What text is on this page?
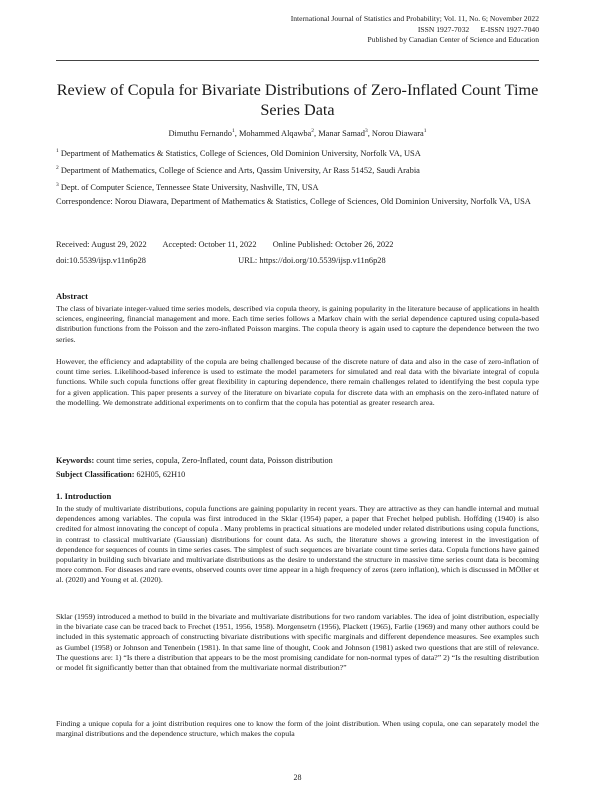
International Journal of Statistics and Probability; Vol. 11, No. 6; November 2022
ISSN 1927-7032      E-ISSN 1927-7040
Published by Canadian Center of Science and Education
Review of Copula for Bivariate Distributions of Zero-Inflated Count Time Series Data
Dimuthu Fernando$^1$, Mohammed Alqawba$^2$, Manar Samad$^3$, Norou Diawara$^1$
$^1$ Department of Mathematics & Statistics, College of Sciences, Old Dominion University, Norfolk VA, USA
$^2$ Department of Mathematics, College of Science and Arts, Qassim University, Ar Rass 51452, Saudi Arabia
$^3$ Dept. of Computer Science, Tennessee State University, Nashville, TN, USA
Correspondence: Norou Diawara, Department of Mathematics & Statistics, College of Sciences, Old Dominion University, Norfolk VA, USA
Received: August 29, 2022 Accepted: October 11, 2022 Online Published: October 26, 2022
doi:10.5539/ijsp.v11n6p28	URL: https://doi.org/10.5539/ijsp.v11n6p28
Abstract
The class of bivariate integer-valued time series models, described via copula theory, is gaining popularity in the literature because of applications in health sciences, engineering, financial management and more. Each time series follows a Markov chain with the serial dependence captured using copula-based distribution functions from the Poisson and the zero-inflated Poisson margins. The copula theory is again used to capture the dependence between the two series.
However, the efficiency and adaptability of the copula are being challenged because of the discrete nature of data and also in the case of zero-inflation of count time series. Likelihood-based inference is used to estimate the model parameters for simulated and real data with the bivariate integral of copula functions. While such copula functions offer great flexibility in capturing dependence, there remain challenges related to identifying the best copula type for a given application. This paper presents a survey of the literature on bivariate copula for discrete data with an emphasis on the zero-inflated nature of the modelling. We demonstrate additional experiments on to confirm that the copula has potential as greater research area.
Keywords: count time series, copula, Zero-Inflated, count data, Poisson distribution
Subject Classification: 62H05, 62H10
1. Introduction
In the study of multivariate distributions, copula functions are gaining popularity in recent years. They are attractive as they can handle internal and mutual dependences among variables. The copula was first introduced in the Sklar (1954) paper, a paper that Frechet helped publish. Hoffding (1940) is also credited for almost innovating the concept of copula . Many problems in practical situations are modeled under related distributions using copula functions, in contrast to classical multivariate (Gaussian) distributions for count data. As such, the literature shows a growing interest in the investigation of dependence for sequences of counts in time series cases. The simplest of such sequences are bivariate count time series data. Copula functions have gained popularity in building such bivariate and multivariate distributions as the desire to understand the structure in massive time series count data is becoming more common. For diseases and rare events, observed counts over time appear in a high frequency of zeros (zero inflation), which is discussed in MÖller et al. (2020) and Young et al. (2020).
Sklar (1959) introduced a method to build in the bivariate and multivariate distributions for two random variables. The idea of joint distribution, especially in the bivariate case can be traced back to Frechet (1951, 1956, 1958). Morgensetrn (1956), Plackett (1965), Farlie (1969) and many other authors could be included in this systematic approach of constructing bivariate distributions with specific marginals and different dependence measures. See examples such as Gumbel (1958) or Johnson and Tenenbein (1981). In that same line of thought, Cook and Johnson (1981) asked two questions that are still of relevance. The questions are: 1) “Is there a distribution that appears to be the most promising candidate for non-normal types of data?” 2) “Is the resulting distribution or model fit significantly better than that obtained from the multivariate normal distribution?”
Finding a unique copula for a joint distribution requires one to know the form of the joint distribution. When using copula, one can separately model the marginal distributions and the dependence structure, which makes the copula
28
